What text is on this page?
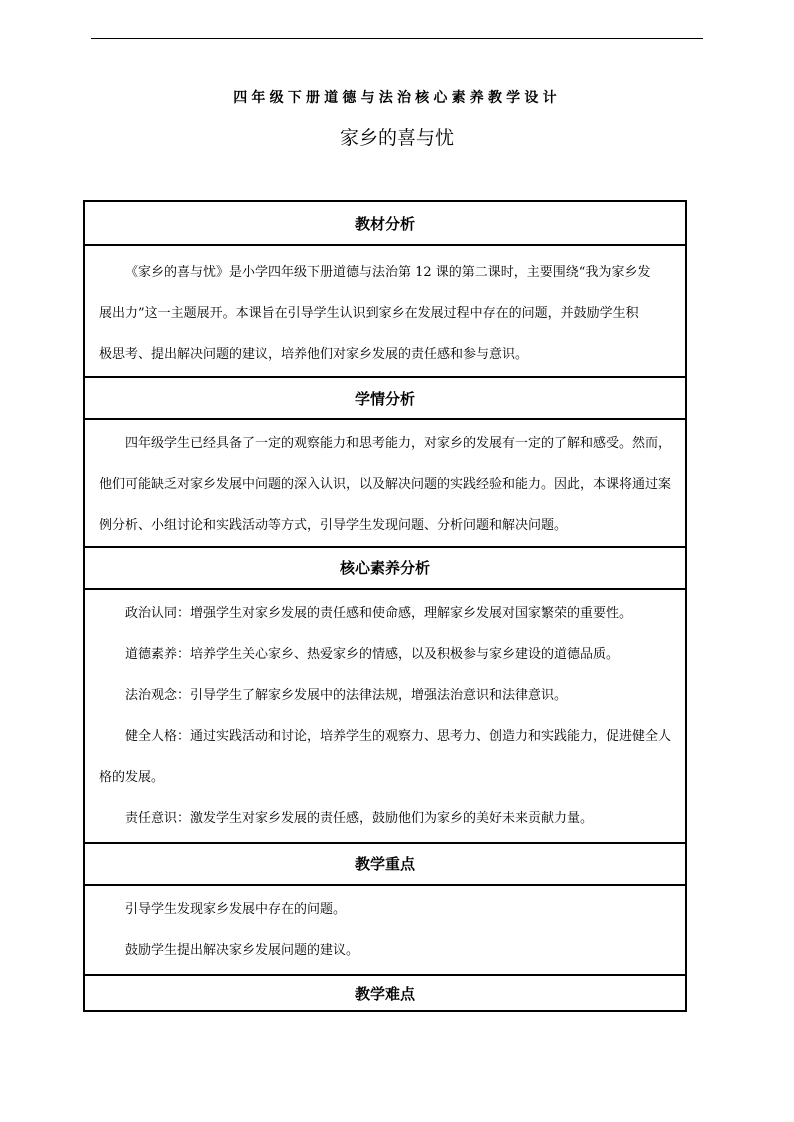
四年级下册道德与法治核心素养教学设计
家乡的喜与忧
教材分析

《家乡的喜与忧》是小学四年级下册道德与法治第 12 课的第二课时，主要围绕“我为家乡发
展出力”这一主题展开。本课旨在引导学生认识到家乡在发展过程中存在的问题，并鼓励学生积
极思考、提出解决问题的建议，培养他们对家乡发展的责任感和参与意识。

学情分析

四年级学生已经具备了一定的观察能力和思考能力，对家乡的发展有一定的了解和感受。然而，
他们可能缺乏对家乡发展中问题的深入认识，以及解决问题的实践经验和能力。因此，本课将通过案
例分析、小组讨论和实践活动等方式，引导学生发现问题、分析问题和解决问题。

核心素养分析

政治认同：增强学生对家乡发展的责任感和使命感，理解家乡发展对国家繁荣的重要性。

道德素养：培养学生关心家乡、热爱家乡的情感，以及积极参与家乡建设的道德品质。

法治观念：引导学生了解家乡发展中的法律法规，增强法治意识和法律意识。

健全人格：通过实践活动和讨论，培养学生的观察力、思考力、创造力和实践能力，促进健全人
格的发展。

责任意识：激发学生对家乡发展的责任感，鼓励他们为家乡的美好未来贡献力量。

教学重点

引导学生发现家乡发展中存在的问题。

鼓励学生提出解决家乡发展问题的建议。

教学难点
